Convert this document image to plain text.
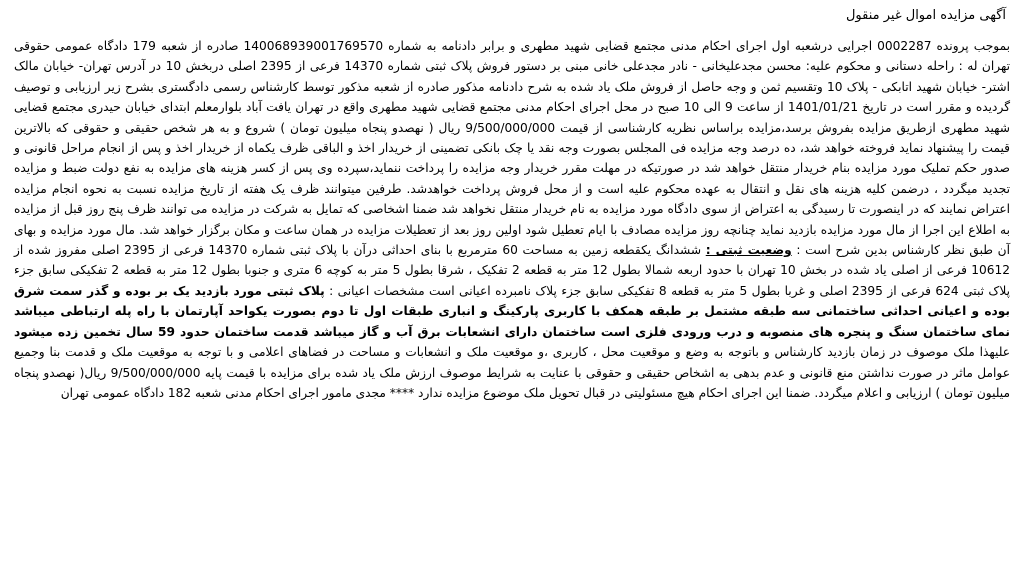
آگهی مزایده اموال غیر منقول
بموجب پرونده 0002287 اجرایی درشعبه اول اجرای احکام مدنی مجتمع قضایی شهید مطهری و برابر دادنامه به شماره 140068939001769570 صادره از شعبه 179 دادگاه عمومی حقوقی تهران له : راحله دستانی و محکوم علیه: محسن مجدعلیخانی - نادر مجدعلی خانی مبنی بر دستور فروش پلاک ثبتی شماره 14370 فرعی از 2395 اصلی دربخش 10 در آدرس تهران- خیابان مالک اشتر- خیابان شهید اتابکی - پلاک 10 وتقسیم ثمن و وجه حاصل از فروش ملک یاد شده به شرح دادنامه مذکور صادره از شعبه مذکور توسط کارشناس رسمی دادگستری بشرح زیر ارزیابی و توصیف گردیده و مقرر است در تاریخ 1401/01/21 از ساعت 9 الی 10 صبح در محل اجرای احکام مدنی مجتمع قضایی شهید مطهری واقع در تهران یافت آباد بلوارمعلم ابتدای خیابان حیدری مجتمع قضایی شهید مطهری ازطریق مزایده بفروش برسد،مزایده براساس نظریه کارشناسی از قیمت 9/500/000/000 ریال ( نهصدو پنجاه میلیون تومان ) شروع و به هر شخص حقیقی و حقوقی که بالاترین قیمت را پیشنهاد نماید فروخته خواهد شد، ده درصد وجه مزایده فی المجلس بصورت وجه نقد یا چک بانکی تضمینی از خریدار اخذ و الباقی ظرف یکماه از خریدار اخذ و پس از انجام مراحل قانونی و صدور حکم تملیک مورد مزایده بنام خریدار منتقل خواهد شد در صورتیکه در مهلت مقرر خریدار وجه مزایده را پرداخت ننماید،سپرده وی پس از کسر هزینه های مزایده به نفع دولت ضبط و مزایده تجدید میگردد ، درضمن کلیه هزینه های نقل و انتقال به عهده محکوم علیه است و از محل فروش پرداخت خواهدشد. طرفین میتوانند ظرف یک هفته از تاریخ مزایده نسبت به نحوه انجام مزایده اعتراض نمایند که در اینصورت تا رسیدگی به اعتراض از سوی دادگاه مورد مزایده به نام خریدار منتقل نخواهد شد ضمنا اشخاصی که تمایل به شرکت در مزایده می توانند ظرف پنج روز قبل از مزایده به اطلاع این اجرا از مال مورد مزایده بازدید نماید چنانچه روز مزایده مصادف با ایام تعطیل شود اولین روز بعد از تعطیلات مزایده در همان ساعت و مکان برگزار خواهد شد. مال مورد مزایده و بهای آن طبق نظر کارشناس بدین شرح است : وضعیت ثبتی : ششدانگ یکقطعه زمین به مساحت 60 مترمربع با بنای احداثی درآن با پلاک ثبتی شماره 14370 فرعی از 2395 اصلی مفروز شده از 10612 فرعی از اصلی یاد شده در بخش 10 تهران با حدود اربعه شمالا بطول 12 متر به قطعه 2 تفکیک ، شرقا بطول 5 متر به کوچه 6 متری و جنوبا بطول 12 متر به قطعه 2 تفکیکی سابق جزء پلاک ثبتی 624 فرعی از 2395 اصلی و غربا بطول 5 متر به قطعه 8 تفکیکی سابق جزء پلاک نامبرده اعیانی است مشخصات اعیانی : پلاک ثبتی مورد بازدید یک بر بوده و گذر سمت شرق بوده و اعیانی احداثی ساختمانی سه طبقه مشتمل بر طبقه همکف با کاربری پارکینگ و انباری طبقات اول تا دوم بصورت یکواحد آپارتمان با راه پله ارتباطی میباشد نمای ساختمان سنگ و پنجره های منصوبه و درب ورودی فلزی است ساختمان دارای انشعابات برق آب و گاز میباشد قدمت ساختمان حدود 59 سال تخمین زده میشود علیهذا ملک موصوف در زمان بازدید کارشناس و باتوجه به وضع و موقعیت محل ، کاربری ،و موقعیت ملک و انشعابات و مساحت در فضاهای اعلامی و با توجه به موقعیت ملک و قدمت بنا وجمیع عوامل ماثر در صورت نداشتن منع قانونی و عدم بدهی به اشخاص حقیقی و حقوقی با عنایت به شرایط موصوف ارزش ملک یاد شده برای مزایده با قیمت پایه 9/500/000/000 ریال( نهصدو پنجاه میلیون تومان ) ارزیابی و اعلام میگردد. ضمنا این اجرای احکام هیچ مسئولیتی در قبال تحویل ملک موضوع مزایده ندارد **** مجدی مامور اجرای احکام مدنی شعبه 182 دادگاه عمومی تهران
